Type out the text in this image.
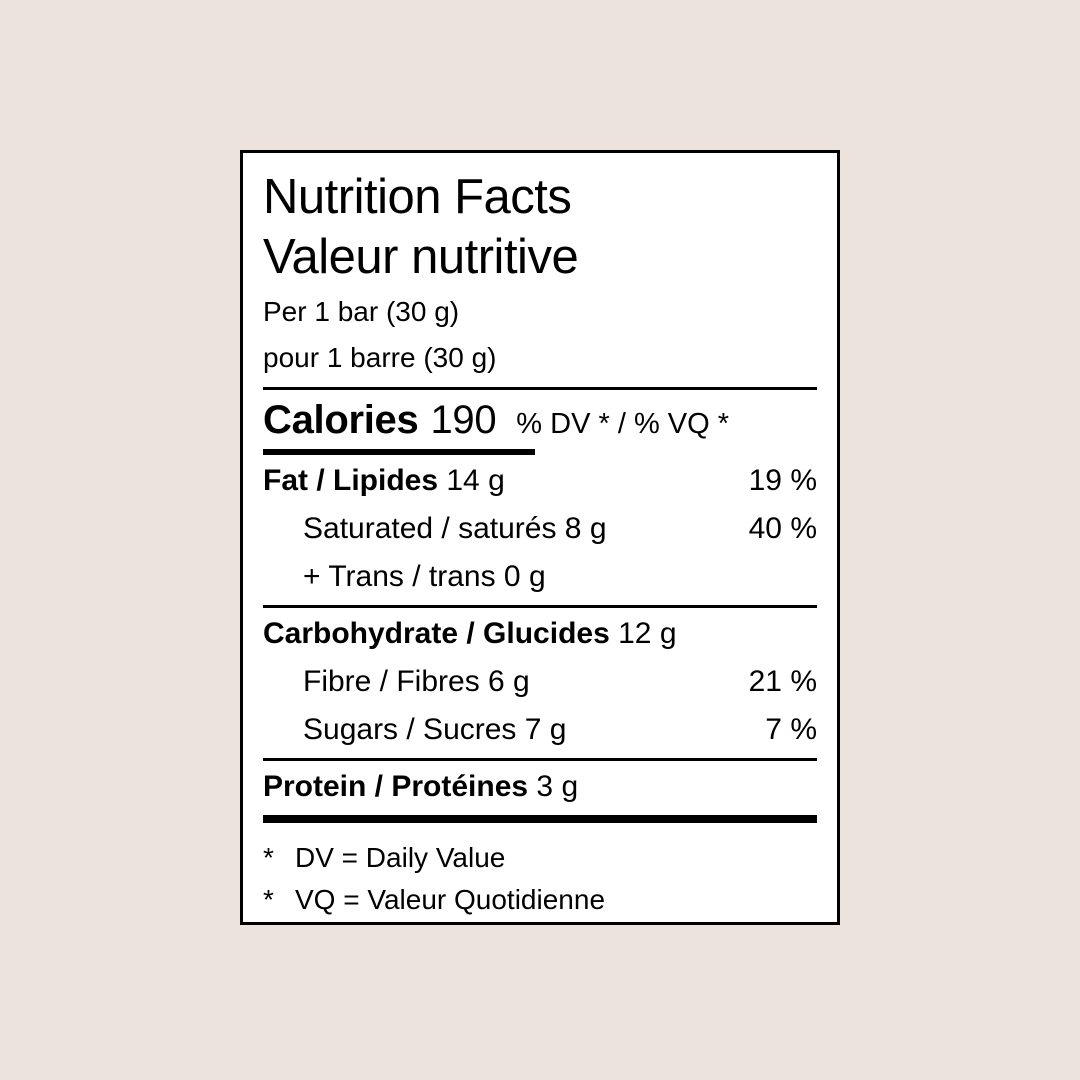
Nutrition Facts
Valeur nutritive
Per 1 bar (30 g)
pour 1 barre (30 g)
Calories 190 % DV * / % VQ *
Fat / Lipides 14 g	19 %
Saturated / saturés 8 g	40 %
+ Trans / trans 0 g
Carbohydrate / Glucides 12 g
Fibre / Fibres 6 g	21 %
Sugars / Sucres 7 g	7 %
Protein / Protéines 3 g
* DV = Daily Value
* VQ = Valeur Quotidienne
